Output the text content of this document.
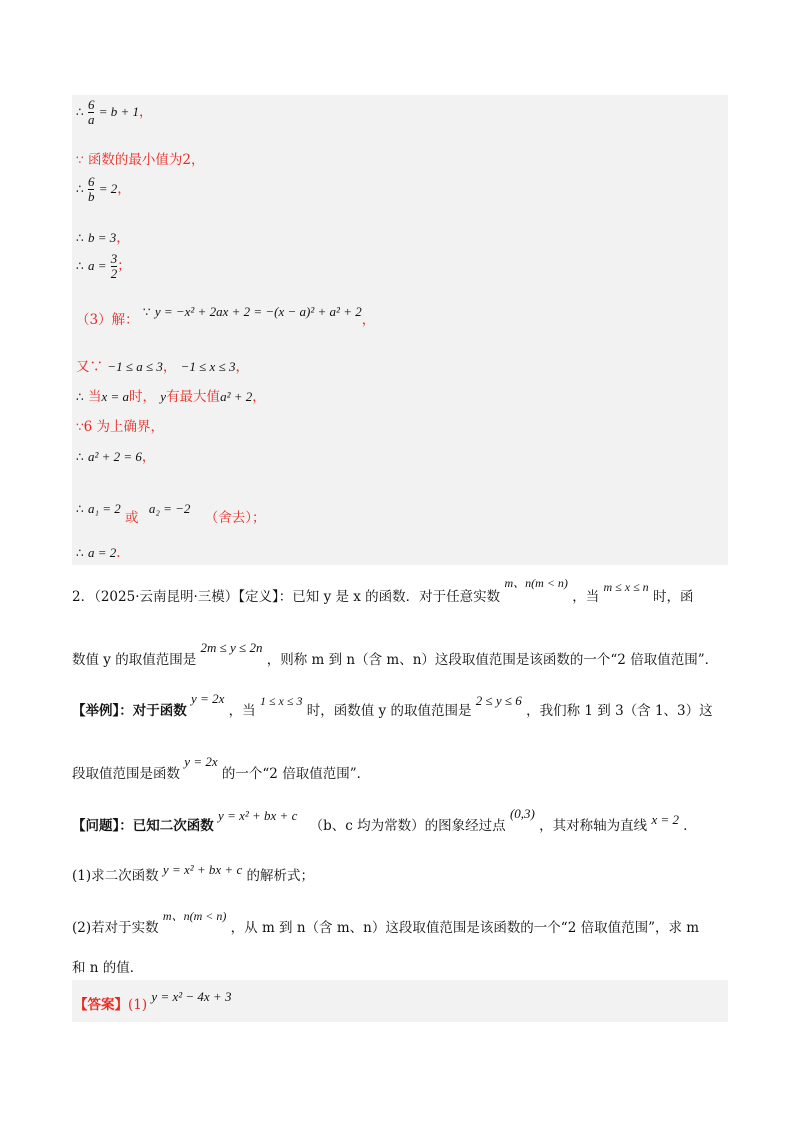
∴ $\frac{6}{a} = b + 1$，
∵ 函数的最小值为2，
∴ $\frac{6}{b} = 2$，
∴ b = 3，
∴ $a = \frac{3}{2}$ ；
（3）解： ∵ y = −x² + 2ax + 2 = −(x − a)² + a² + 2，
又∵ −1 ≤ a ≤ 3， −1 ≤ x ≤ 3，
∴ 当x = a时， y有最大值a² + 2，
∵6 为上确界，
∴ a² + 2 = 6，
∴ a₁ = 2 或 a₂ = −2 （舍去）；
∴ a = 2.
2．（2025·云南昆明·三模）【定义】：已知 y 是 x 的函数．对于任意实数 m、n(m < n) ，当 m ≤ x ≤ n 时，函
数值 y 的取值范围是 2m ≤ y ≤ 2n ，则称 m 到 n（含 m、n）这段取值范围是该函数的一个“2 倍取值范围”．
【举例】：对于函数 y = 2x ，当 1 ≤ x ≤ 3 时，函数值 y 的取值范围是 2 ≤ y ≤ 6 ，我们称 1 到 3（含 1、3）这
段取值范围是函数 y = 2x 的一个“2 倍取值范围”．
【问题】：已知二次函数 y = x² + bx + c （b、c 均为常数）的图象经过点 (0,3) ，其对称轴为直线 x = 2 ．
(1)求二次函数 y = x² + bx + c 的解析式；
(2)若对于实数 m、n(m < n) ，从 m 到 n（含 m、n）这段取值范围是该函数的一个“2 倍取值范围”，求 m
和 n 的值．
【答案】(1) y = x² − 4x + 3
